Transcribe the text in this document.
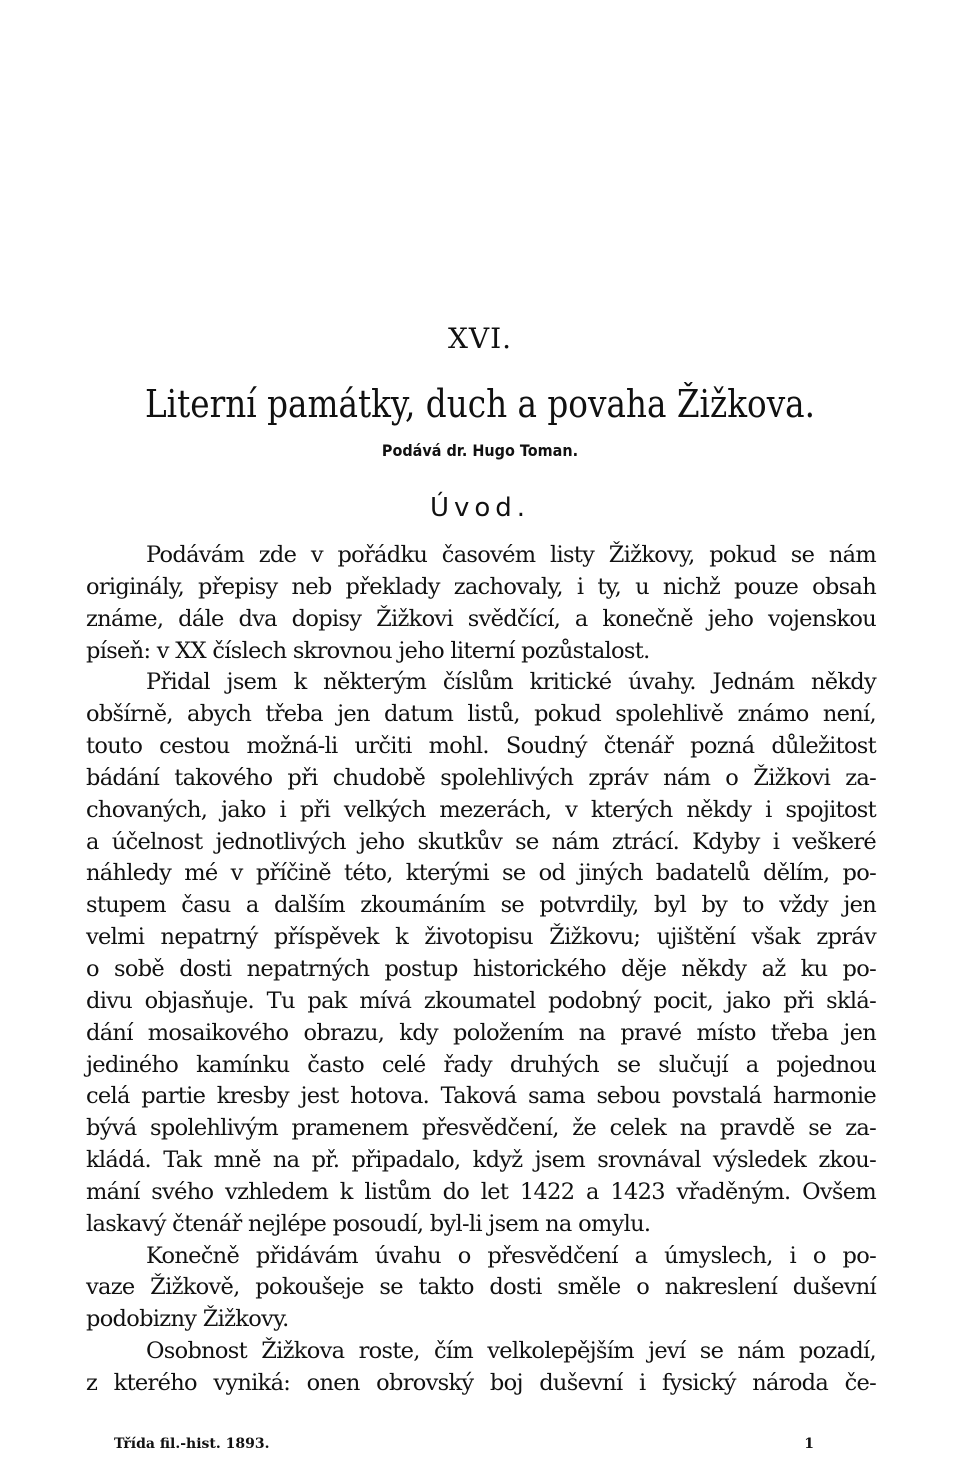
XVI.
Literní památky, duch a povaha Žižkova.
Podává dr. Hugo Toman.
Úvod.
Podávám zde v pořádku časovém listy Žižkovy, pokud se nám
originály, přepisy neb překlady zachovaly, i ty, u nichž pouze obsah
známe, dále dva dopisy Žižkovi svědčící, a konečně jeho vojenskou
píseň: v XX číslech skrovnou jeho literní pozůstalost.
Přidal jsem k některým číslům kritické úvahy. Jednám někdy
obšírně, abych třeba jen datum listů, pokud spolehlivě známo není,
touto cestou možná-li určiti mohl. Soudný čtenář pozná důležitost
bádání takového při chudobě spolehlivých zpráv nám o Žižkovi za-
chovaných, jako i při velkých mezerách, v kterých někdy i spojitost
a účelnost jednotlivých jeho skutkův se nám ztrácí. Kdyby i veškeré
náhledy mé v příčině této, kterými se od jiných badatelů dělím, po-
stupem času a dalším zkoumáním se potvrdily, byl by to vždy jen
velmi nepatrný příspěvek k životopisu Žižkovu; ujištění však zpráv
o sobě dosti nepatrných postup historického děje někdy až ku po-
divu objasňuje. Tu pak mívá zkoumatel podobný pocit, jako při sklá-
dání mosaikového obrazu, kdy položením na pravé místo třeba jen
jediného kamínku často celé řady druhých se slučují a pojednou
celá partie kresby jest hotova. Taková sama sebou povstalá harmonie
bývá spolehlivým pramenem přesvědčení, že celek na pravdě se za-
kládá. Tak mně na př. připadalo, když jsem srovnával výsledek zkou-
mání svého vzhledem k listům do let 1422 a 1423 vřaděným. Ovšem
laskavý čtenář nejlépe posoudí, byl-li jsem na omylu.
Konečně přidávám úvahu o přesvědčení a úmyslech, i o po-
vaze Žižkově, pokoušeje se takto dosti směle o nakreslení duševní
podobizny Žižkovy.
Osobnost Žižkova roste, čím velkolepějším jeví se nám pozadí,
z kterého vyniká: onen obrovský boj duševní i fysický národa če-
Třída fil.-hist. 1893.	1
